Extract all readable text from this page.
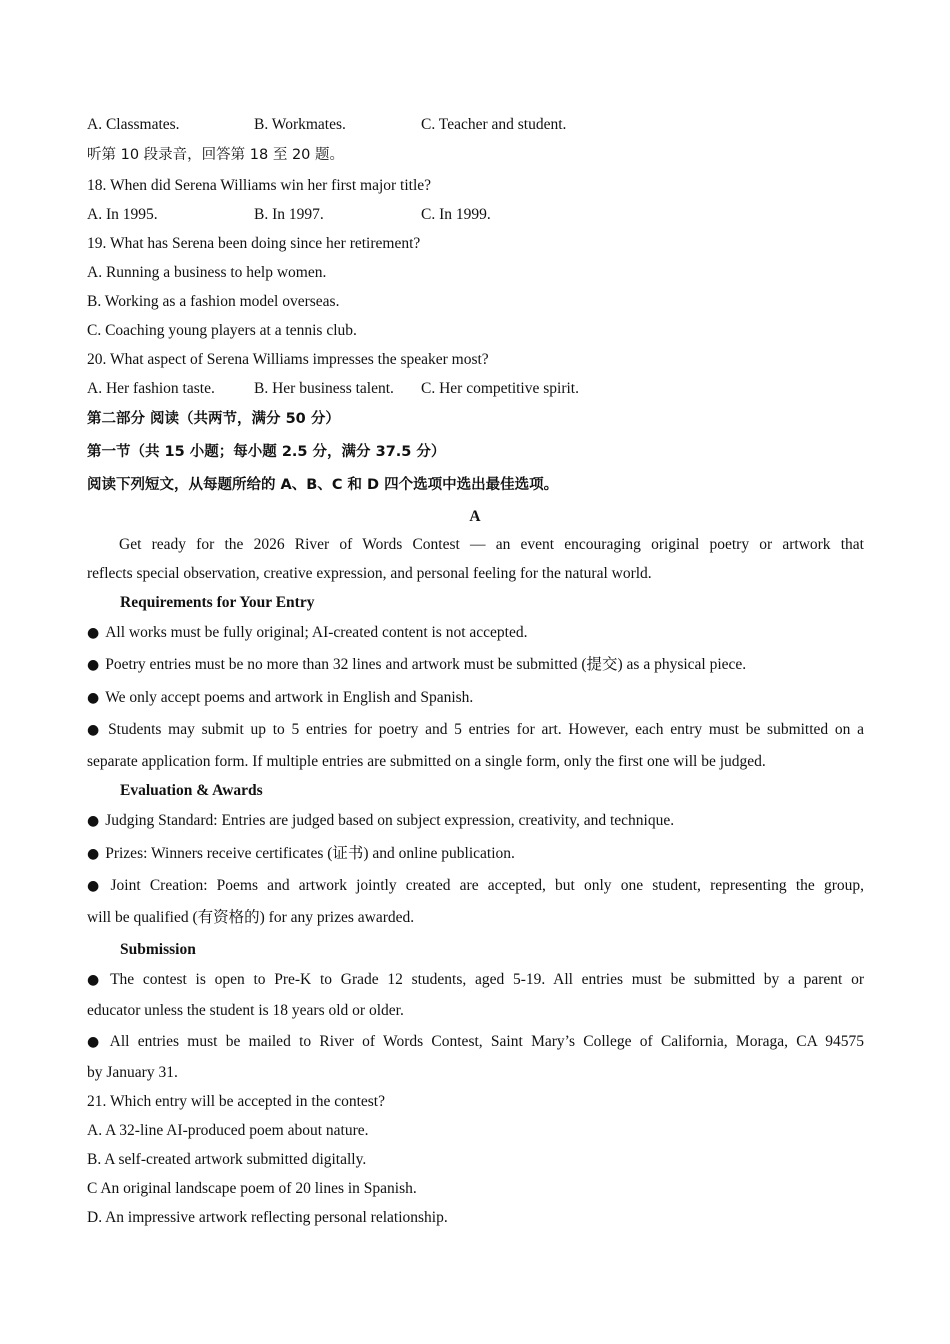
A. Classmates.	B. Workmates.	C. Teacher and student.
听第 10 段录音，回答第 18 至 20 题。
18. When did Serena Williams win her first major title?
A. In 1995.	B. In 1997.	C. In 1999.
19. What has Serena been doing since her retirement?
A. Running a business to help women.
B. Working as a fashion model overseas.
C. Coaching young players at a tennis club.
20. What aspect of Serena Williams impresses the speaker most?
A. Her fashion taste.	B. Her business talent. C. Her competitive spirit.
第二部分 阅读（共两节，满分 50 分）
第一节（共 15 小题；每小题 2.5 分，满分 37.5 分）
阅读下列短文，从每题所给的 A、B、C 和 D 四个选项中选出最佳选项。
A
Get ready for the 2026 River of Words Contest — an event encouraging original poetry or artwork that
reflects special observation, creative expression, and personal feeling for the natural world.
Requirements for Your Entry
● All works must be fully original; AI-created content is not accepted.
● Poetry entries must be no more than 32 lines and artwork must be submitted (提交) as a physical piece.
● We only accept poems and artwork in English and Spanish.
● Students may submit up to 5 entries for poetry and 5 entries for art. However, each entry must be submitted on a
separate application form. If multiple entries are submitted on a single form, only the first one will be judged.
Evaluation & Awards
● Judging Standard: Entries are judged based on subject expression, creativity, and technique.
● Prizes: Winners receive certificates (证书) and online publication.
● Joint Creation: Poems and artwork jointly created are accepted, but only one student, representing the group,
will be qualified (有资格的) for any prizes awarded.
Submission
● The contest is open to Pre-K to Grade 12 students, aged 5-19. All entries must be submitted by a parent or
educator unless the student is 18 years old or older.
● All entries must be mailed to River of Words Contest, Saint Mary’s College of California, Moraga, CA 94575
by January 31.
21. Which entry will be accepted in the contest?
A. A 32-line AI-produced poem about nature.
B. A self-created artwork submitted digitally.
C An original landscape poem of 20 lines in Spanish.
D. An impressive artwork reflecting personal relationship.
